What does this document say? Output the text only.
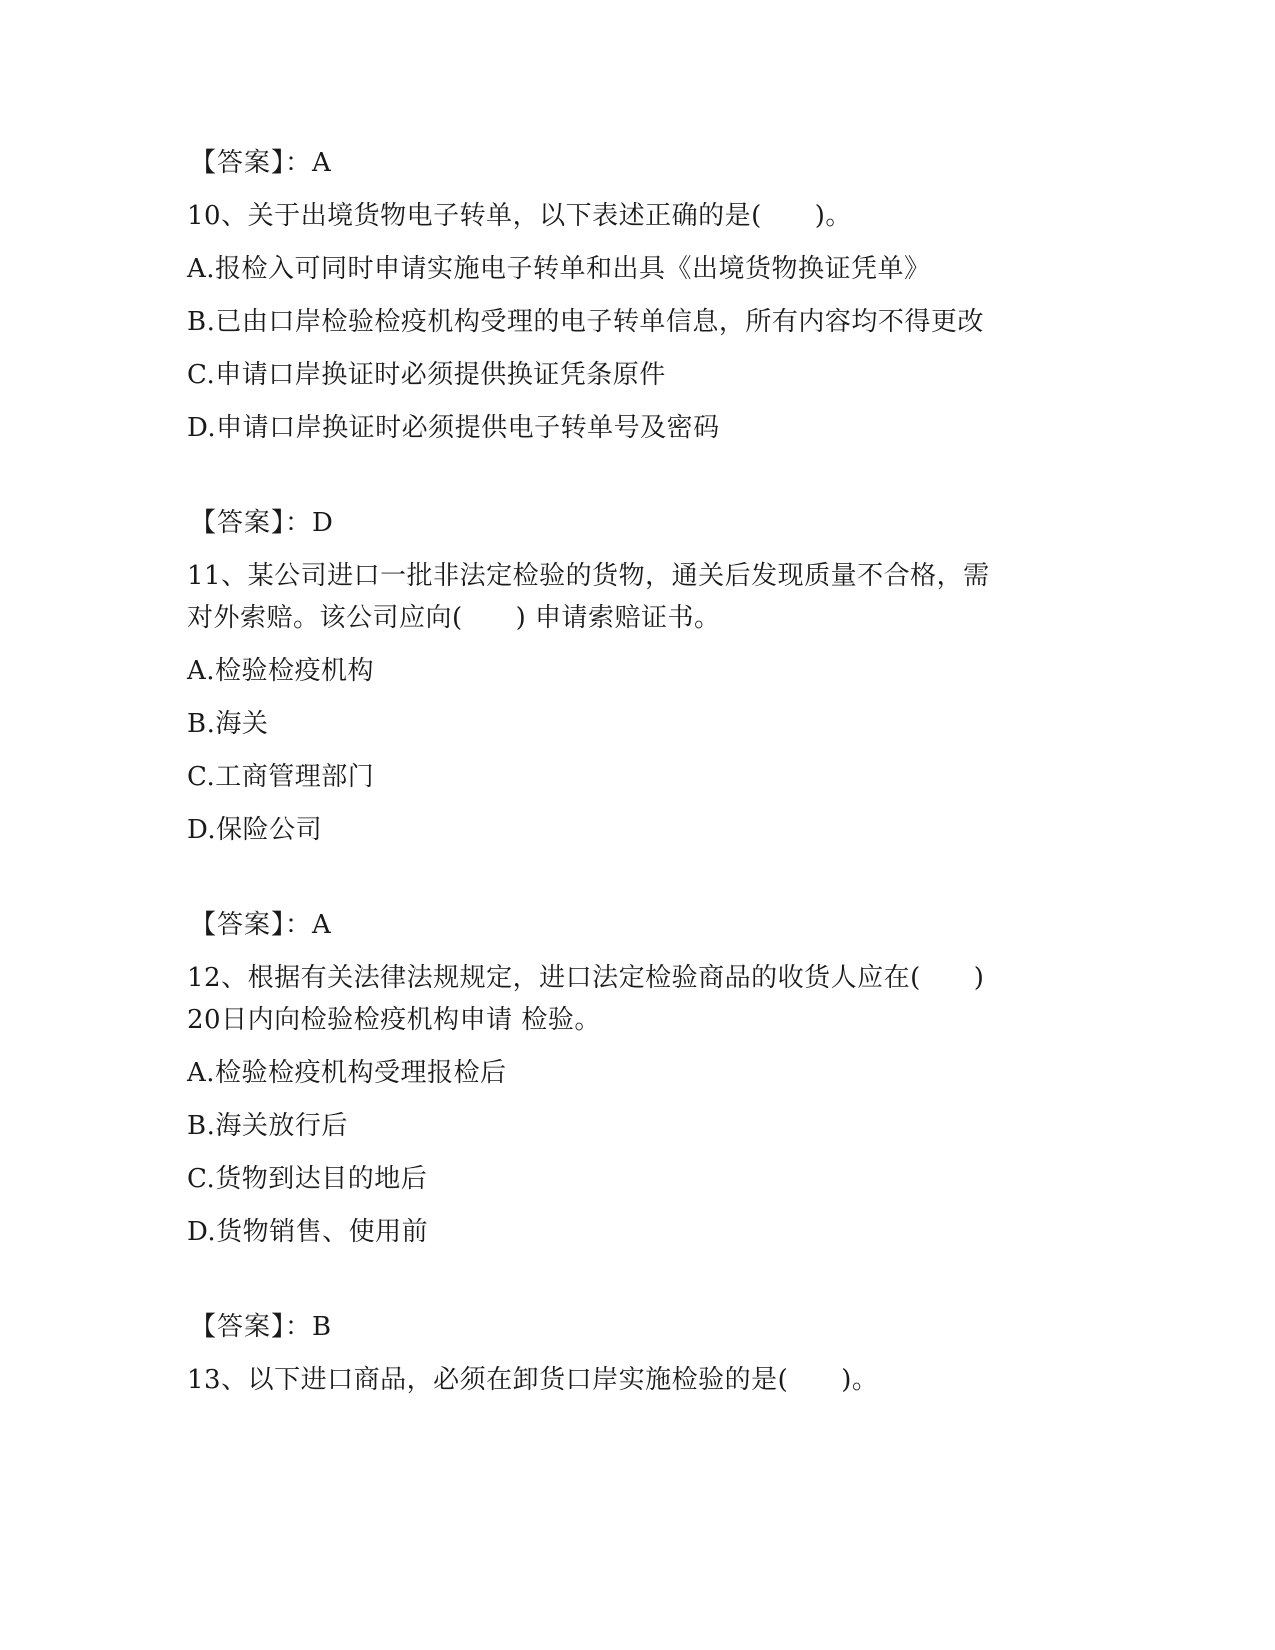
【答案】：A
10、关于出境货物电子转单，以下表述正确的是(　　)。
A.报检入可同时申请实施电子转单和出具《出境货物换证凭单》
B.已由口岸检验检疫机构受理的电子转单信息，所有内容均不得更改
C.申请口岸换证时必须提供换证凭条原件
D.申请口岸换证时必须提供电子转单号及密码
【答案】：D
11、某公司进口一批非法定检验的货物，通关后发现质量不合格，需
对外索赔。该公司应向(　　) 申请索赔证书。
A.检验检疫机构
B.海关
C.工商管理部门
D.保险公司
【答案】：A
12、根据有关法律法规规定，进口法定检验商品的收货人应在(　　)
20日内向检验检疫机构申请 检验。
A.检验检疫机构受理报检后
B.海关放行后
C.货物到达目的地后
D.货物销售、使用前
【答案】：B
13、以下进口商品，必须在卸货口岸实施检验的是(　　)。
